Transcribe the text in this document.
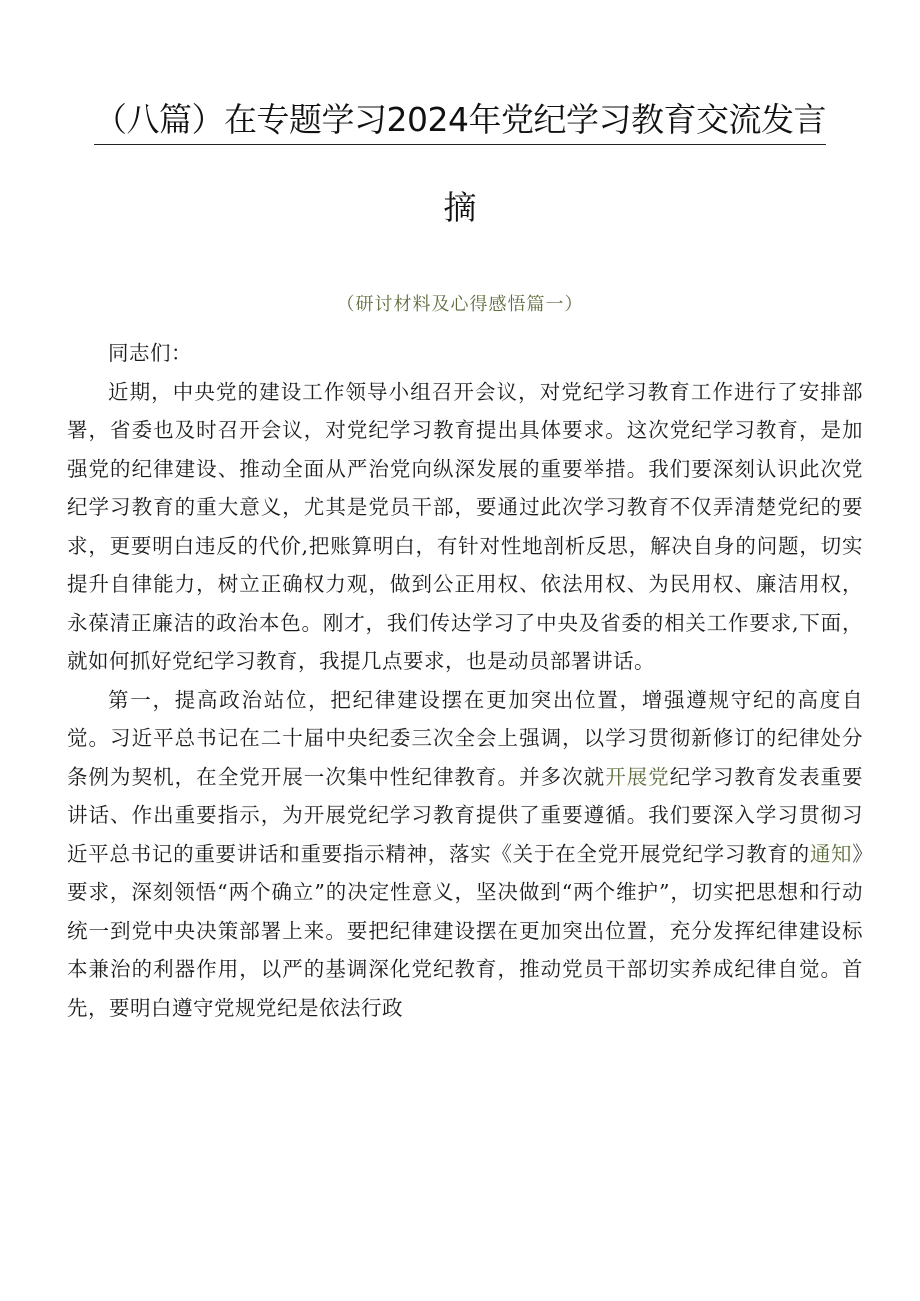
（八篇）在专题学习2024年党纪学习教育交流发言
摘
（研讨材料及心得感悟篇一）

同志们：

近期，中央党的建设工作领导小组召开会议，对党纪学习教育工作进行了安排部署，省委也及时召开会议，对党纪学习教育提出具体要求。这次党纪学习教育，是加强党的纪律建设、推动全面从严治党向纵深发展的重要举措。我们要深刻认识此次党纪学习教育的重大意义，尤其是党员干部，要通过此次学习教育不仅弄清楚党纪的要求，更要明白违反的代价,把账算明白，有针对性地剖析反思，解决自身的问题，切实提升自律能力，树立正确权力观，做到公正用权、依法用权、为民用权、廉洁用权，永葆清正廉洁的政治本色。刚才，我们传达学习了中央及省委的相关工作要求,下面，就如何抓好党纪学习教育，我提几点要求，也是动员部署讲话。

第一，提高政治站位，把纪律建设摆在更加突出位置，增强遵规守纪的高度自觉。习近平总书记在二十届中央纪委三次全会上强调，以学习贯彻新修订的纪律处分条例为契机，在全党开展一次集中性纪律教育。并多次就开展党纪学习教育发表重要讲话、作出重要指示，为开展党纪学习教育提供了重要遵循。我们要深入学习贯彻习近平总书记的重要讲话和重要指示精神，落实《关于在全党开展党纪学习教育的通知》要求，深刻领悟“两个确立”的决定性意义，坚决做到“两个维护”，切实把思想和行动统一到党中央决策部署上来。要把纪律建设摆在更加突出位置，充分发挥纪律建设标本兼治的利器作用，以严的基调深化党纪教育，推动党员干部切实养成纪律自觉。首先，要明白遵守党规党纪是依法行政
